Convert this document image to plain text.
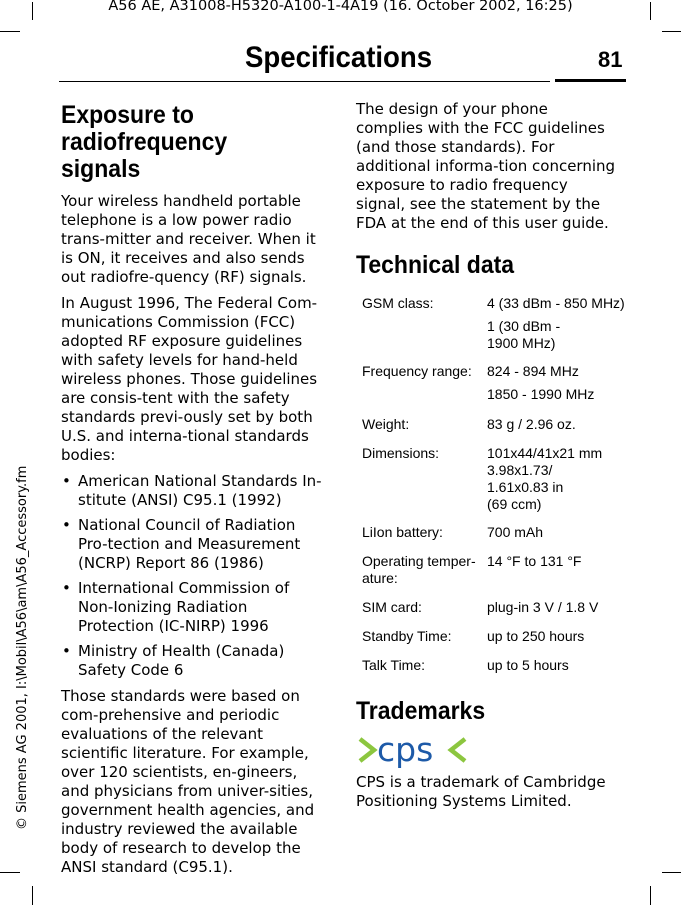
A56 AE, A31008-H5320-A100-1-4A19 (16. October 2002, 16:25)
Specifications	81
© Siemens AG 2001, I:\Mobil\A56\am\A56_Accessory.fm
Exposure to
radiofrequency signals

Your wireless handheld portable telephone is a low power radio trans-mitter and receiver. When it is ON, it receives and also sends out radiofre-quency (RF) signals.

In August 1996, The Federal Com-munications Commission (FCC) adopted RF exposure guidelines with safety levels for hand-held wireless phones. Those guidelines are consis-tent with the safety standards previ-ously set by both U.S. and interna-tional standards bodies:

• American National Standards In-stitute (ANSI) C95.1 (1992)
• National Council of Radiation Pro-tection and Measurement (NCRP) Report 86 (1986)
• International Commission of Non-Ionizing Radiation Protection (IC-NIRP) 1996
• Ministry of Health (Canada) Safety Code 6

Those standards were based on com-prehensive and periodic evaluations of the relevant scientific literature. For example, over 120 scientists, en-gineers, and physicians from univer-sities, government health agencies, and industry reviewed the available body of research to develop the ANSI standard (C95.1).

The design of your phone complies with the FCC guidelines (and those standards). For additional informa-tion concerning exposure to radio frequency signal, see the statement by the FDA at the end of this user guide.

Technical data
GSM class:	4 (33 dBm - 850 MHz)
1 (30 dBm -
1900 MHz)
Frequency range:	824 - 894 MHz
1850 - 1990 MHz
Weight:	83 g / 2.96 oz.
Dimensions:	101x44/41x21 mm
3.98x1.73/
1.61x0.83 in
(69 ccm)
LiIon battery:	700 mAh
Operating temper-ature:
14 °F to 131 °F
SIM card:	plug-in 3 V / 1.8 V
Standby Time:	up to 250 hours
Talk Time:	up to 5 hours
Trademarks
cps
CPS is a trademark of Cambridge Positioning Systems Limited.
